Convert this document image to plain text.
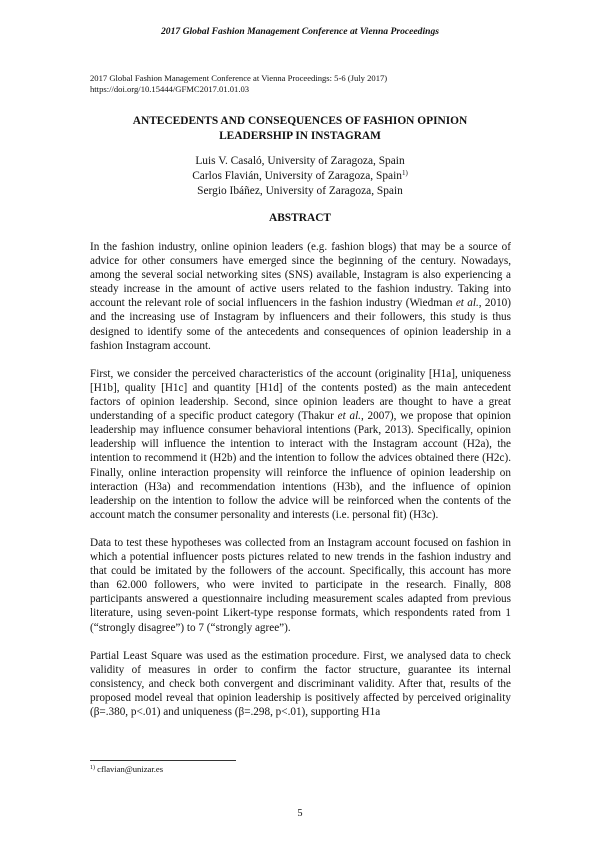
2017 Global Fashion Management Conference at Vienna Proceedings
2017 Global Fashion Management Conference at Vienna Proceedings: 5-6 (July 2017)
https://doi.org/10.15444/GFMC2017.01.01.03
ANTECEDENTS AND CONSEQUENCES OF FASHION OPINION
LEADERSHIP IN INSTAGRAM
Luis V. Casaló, University of Zaragoza, Spain
Carlos Flavián, University of Zaragoza, Spain$^{1)}$
Sergio Ibáñez, University of Zaragoza, Spain
ABSTRACT

In the fashion industry, online opinion leaders (e.g. fashion blogs) that may be a source of advice for other consumers have emerged since the beginning of the century. Nowadays, among the several social networking sites (SNS) available, Instagram is also experiencing a steady increase in the amount of active users related to the fashion industry. Taking into account the relevant role of social influencers in the fashion industry (Wiedman et al., 2010) and the increasing use of Instagram by influencers and their followers, this study is thus designed to identify some of the antecedents and consequences of opinion leadership in a fashion Instagram account.

First, we consider the perceived characteristics of the account (originality [H1a], uniqueness [H1b], quality [H1c] and quantity [H1d] of the contents posted) as the main antecedent factors of opinion leadership. Second, since opinion leaders are thought to have a great understanding of a specific product category (Thakur et al., 2007), we propose that opinion leadership may influence consumer behavioral intentions (Park, 2013). Specifically, opinion leadership will influence the intention to interact with the Instagram account (H2a), the intention to recommend it (H2b) and the intention to follow the advices obtained there (H2c). Finally, online interaction propensity will reinforce the influence of opinion leadership on interaction (H3a) and recommendation intentions (H3b), and the influence of opinion leadership on the intention to follow the advice will be reinforced when the contents of the account match the consumer personality and interests (i.e. personal fit) (H3c).

Data to test these hypotheses was collected from an Instagram account focused on fashion in which a potential influencer posts pictures related to new trends in the fashion industry and that could be imitated by the followers of the account. Specifically, this account has more than 62.000 followers, who were invited to participate in the research. Finally, 808 participants answered a questionnaire including measurement scales adapted from previous literature, using seven-point Likert-type response formats, which respondents rated from 1 (“strongly disagree”) to 7 (“strongly agree”).

Partial Least Square was used as the estimation procedure. First, we analysed data to check validity of measures in order to confirm the factor structure, guarantee its internal consistency, and check both convergent and discriminant validity. After that, results of the proposed model reveal that opinion leadership is positively affected by perceived originality (β=.380, p<.01) and uniqueness (β=.298, p<.01), supporting H1a

$^{1)}$ cflavian@unizar.es
5
